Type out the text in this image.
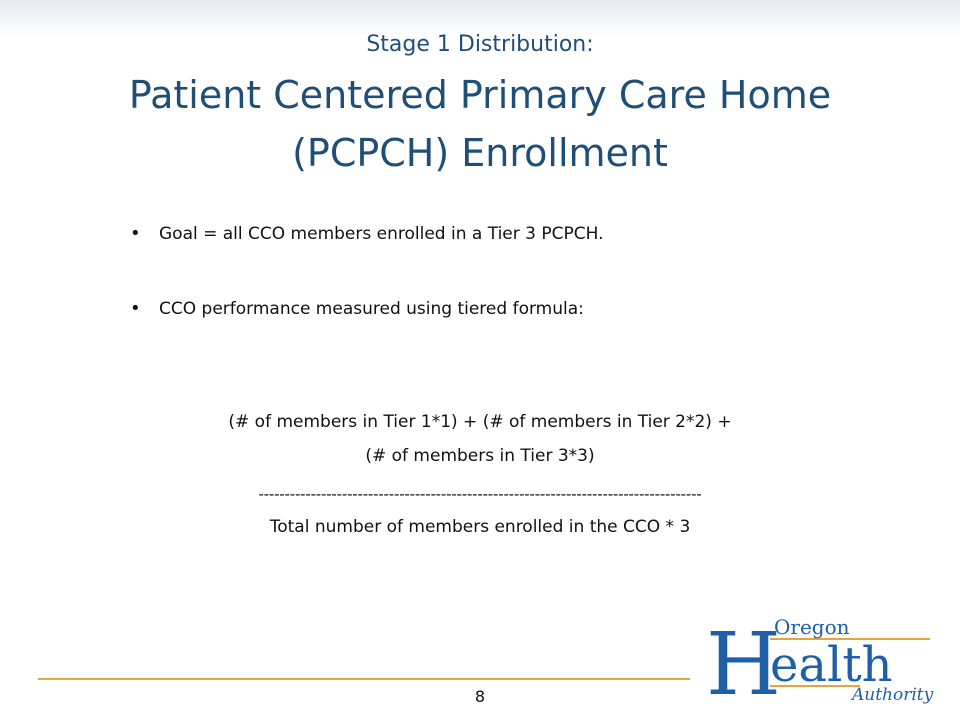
Stage 1 Distribution:
Patient Centered Primary Care Home
(PCPCH) Enrollment
• Goal = all CCO members enrolled in a Tier 3 PCPCH.
• CCO performance measured using tiered formula:
(# of members in Tier 1*1) + (# of members in Tier 2*2) +
(# of members in Tier 3*3)
-------------------------------------------------------------------------------------
Total number of members enrolled in the CCO * 3
8	H
Oregon
ealth
Authority
